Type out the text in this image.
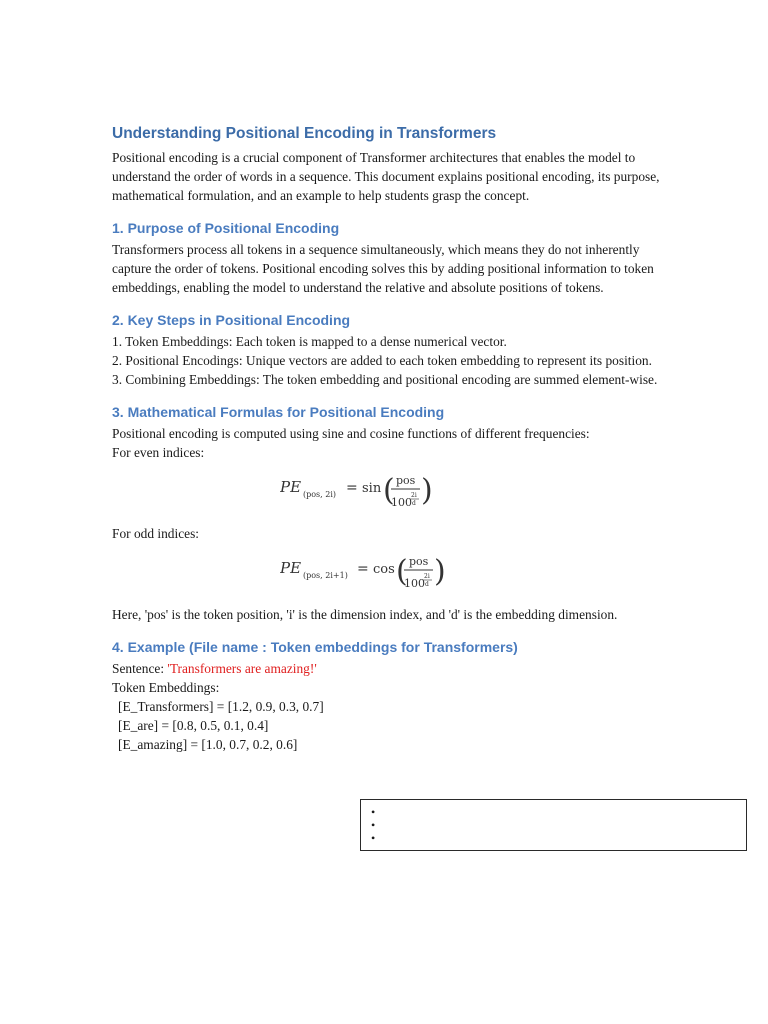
Understanding Positional Encoding in Transformers

Positional encoding is a crucial component of Transformer architectures that enables the model to understand the order of words in a sequence. This document explains positional encoding, its purpose, mathematical formulation, and an example to help students grasp the concept.

1. Purpose of Positional Encoding

Transformers process all tokens in a sequence simultaneously, which means they do not inherently capture the order of tokens. Positional encoding solves this by adding positional information to token embeddings, enabling the model to understand the relative and absolute positions of tokens.

2. Key Steps in Positional Encoding
1. Token Embeddings: Each token is mapped to a dense numerical vector.
2. Positional Encodings: Unique vectors are added to each token embedding to represent its position.
3. Combining Embeddings: The token embedding and positional encoding are summed element-wise.
3. Mathematical Formulas for Positional Encoding

Positional encoding is computed using sine and cosine functions of different frequencies:

For even indices:

PE (pos, 2i) = sin ( pos
100
2i
d )

For odd indices:

PE (pos, 2i+1) = cos ( pos
100
2i
d )

Here, 'pos' is the token position, 'i' is the dimension index, and 'd' is the embedding dimension.

4. Example (File name : Token embeddings for Transformers)

Sentence: 'Transformers are amazing!'

Token Embeddings:

[E_Transformers] = [1.2, 0.9, 0.3, 0.7]
[E_are] = [0.8, 0.5, 0.1, 0.4]
[E_amazing] = [1.0, 0.7, 0.2, 0.6]
•
•
•
